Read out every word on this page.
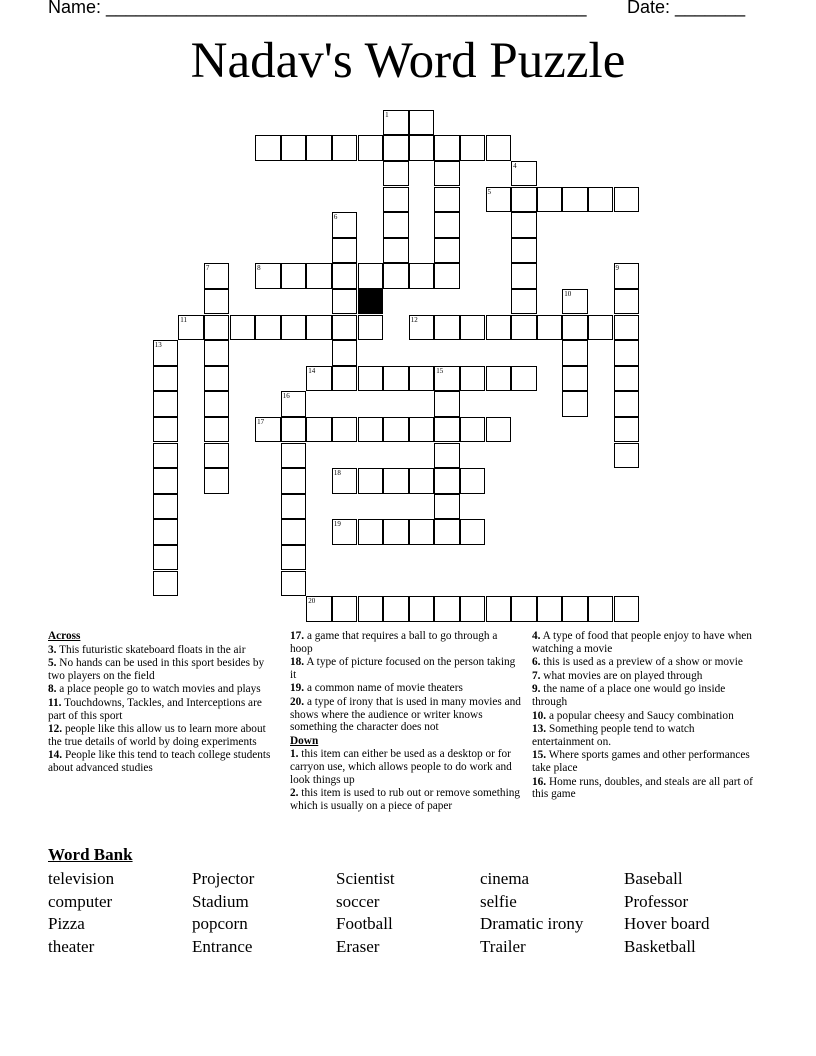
Name: ________________________________________________ Date: _______
Nadav's Word Puzzle
1
4
5
6
7	8	9
10
11	12
13
14	15
16
17
18
19
20
Across
3. This futuristic skateboard floats in the air
5. No hands can be used in this sport besides by two players on the field
8. a place people go to watch movies and plays
11. Touchdowns, Tackles, and Interceptions are part of this sport
12. people like this allow us to learn more about the true details of world by doing experiments
14. People like this tend to teach college students about advanced studies
17. a game that requires a ball to go through a hoop
18. A type of picture focused on the person taking it
19. a common name of movie theaters
20. a type of irony that is used in many movies and shows where the audience or writer knows something the character does not
Down
1. this item can either be used as a desktop or for carryon use, which allows people to do work and look things up
2. this item is used to rub out or remove something which is usually on a piece of paper
4. A type of food that people enjoy to have when watching a movie
6. this is used as a preview of a show or movie
7. what movies are on played through
9. the name of a place one would go inside through
10. a popular cheesy and Saucy combination
13. Something people tend to watch entertainment on.
15. Where sports games and other performances take place
16. Home runs, doubles, and steals are all part of this game
Word Bank
television
computer
Pizza
theater
Projector
Stadium
popcorn
Entrance
Scientist
soccer
Football
Eraser
cinema
selfie
Dramatic irony
Trailer
Baseball
Professor
Hover board
Basketball
